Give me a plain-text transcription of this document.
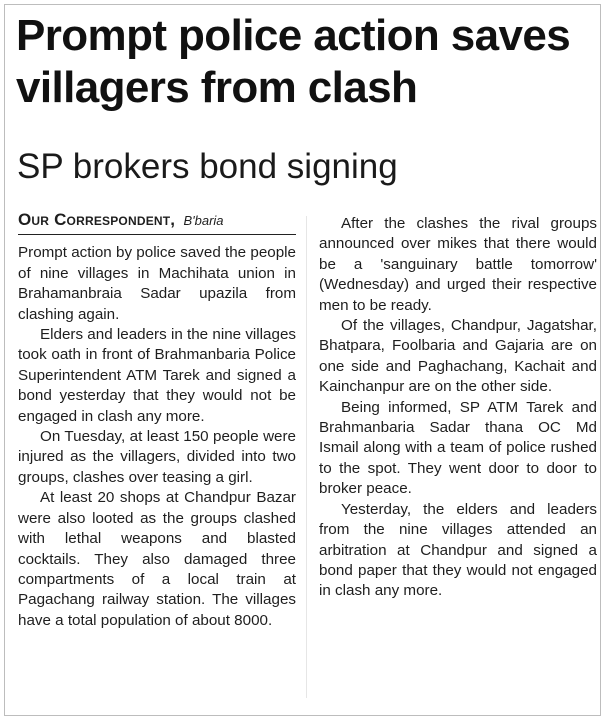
Prompt police action saves villagers from clash
SP brokers bond signing
Our Correspondent, B'baria

Prompt action by police saved the people of nine villages in Machihata union in Brahamanbraia Sadar upazila from clashing again.

Elders and leaders in the nine villages took oath in front of Brahmanbaria Police Superintendent ATM Tarek and signed a bond yesterday that they would not be engaged in clash any more.

On Tuesday, at least 150 people were injured as the villagers, divided into two groups, clashes over teasing a girl.

At least 20 shops at Chandpur Bazar were also looted as the groups clashed with lethal weapons and blasted cocktails. They also damaged three compartments of a local train at Pagachang railway station. The villages have a total population of about 8000.

After the clashes the rival groups announced over mikes that there would be a 'sanguinary battle tomorrow' (Wednesday) and urged their respective men to be ready.

Of the villages, Chandpur, Jagatshar, Bhatpara, Foolbaria and Gajaria are on one side and Paghachang, Kachait and Kainchanpur are on the other side.

Being informed, SP ATM Tarek and Brahmanbaria Sadar thana OC Md Ismail along with a team of police rushed to the spot. They went door to door to broker peace.

Yesterday, the elders and leaders from the nine villages attended an arbitration at Chandpur and signed a bond paper that they would not engaged in clash any more.
